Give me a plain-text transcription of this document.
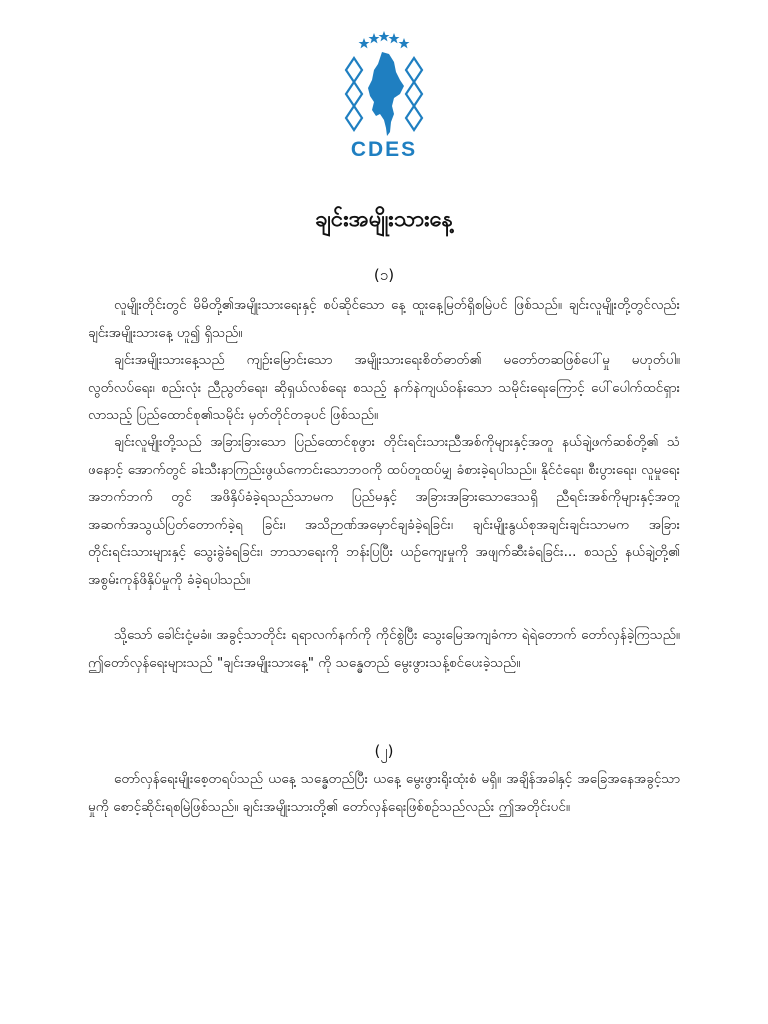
CDES
ချင်းအမျိုးသားနေ့
(၁)

လူမျိုးတိုင်းတွင် မိမိတို့၏အမျိုးသားရေးနှင့် စပ်ဆိုင်သော နေ့ ထူးနေ့မြတ်ရှိစမြဲပင် ဖြစ်သည်။ ချင်းလူမျိုးတို့တွင်လည်း ချင်းအမျိုးသားနေ့ ဟူ၍ ရှိသည်။

ချင်းအမျိုးသားနေ့သည် ကျဉ်းမြောင်းသော အမျိုးသားရေးစိတ်ဓာတ်၏ မတော်တဆဖြစ်ပေါ်မှု မဟုတ်ပါ။ လွတ်လပ်ရေး၊ စည်းလုံး ညီညွတ်ရေး၊ ဆိုရှယ်လစ်ရေး စသည့် နက်နဲကျယ်ဝန်းသော သမိုင်းရေးကြောင့် ပေါ်ပေါက်ထင်ရှားလာသည့် ပြည်ထောင်စု၏သမိုင်း မှတ်တိုင်တခုပင် ဖြစ်သည်။

ချင်းလူမျိုးတို့သည် အခြားခြားသော ပြည်ထောင်စုဖွား တိုင်းရင်းသားညီအစ်ကိုများနှင့်အတူ နယ်ချဲ့ဖက်ဆစ်တို့၏ သံဖနောင့် အောက်တွင် ခါးသီးနာကြည်းဖွယ်ကောင်းသောဘဝကို ထပ်တူထပ်မျှ ခံစားခဲ့ရပါသည်။ နိုင်ငံရေး၊ စီးပွားရေး၊ လူမှုရေး အဘက်ဘက် တွင် အဖိနှိပ်ခံခဲ့ရသည်သာမက ပြည်မနှင့် အခြားအခြားသောဒေသရှိ ညီရင်းအစ်ကိုများနှင့်အတူ အဆက်အသွယ်ပြတ်တောက်ခဲ့ရ ခြင်း၊ အသိဉာဏ်အမှောင်ချခံခဲ့ရခြင်း၊ ချင်းမျိုးနွယ်စုအချင်းချင်းသာမက အခြားတိုင်းရင်းသားများနှင့် သွေးခွဲခံရခြင်း၊ ဘာသာရေးကို ဘန်းပြပြီး ယဉ်ကျေးမှုကို အဖျက်ဆီးခံရခြင်း... စသည့် နယ်ချဲ့တို့၏ အစွမ်းကုန်ဖိနှိပ်မှုကို ခံခဲ့ရပါသည်။

သို့သော် ခေါင်းငုံ့မခံ။ အခွင့်သာတိုင်း ရရာလက်နက်ကို ကိုင်စွဲပြီး သွေးမြေအကျခံကာ ရဲရဲတောက် တော်လှန်ခဲ့ကြသည်။ ဤတော်လှန်ရေးများသည် "ချင်းအမျိုးသားနေ့" ကို သန္ဓေတည် မွေးဖွားသန့်စင်ပေးခဲ့သည်။

(၂)

တော်လှန်ရေးမျိုးစေ့တရပ်သည် ယနေ့ သန္ဓေတည်ပြီး ယနေ့ မွေးဖွားရိုးထုံးစံ မရှိ။ အချိန်အခါနှင့် အခြေအနေအခွင့်သာမှုကို စောင့်ဆိုင်းရစမြဲဖြစ်သည်။ ချင်းအမျိုးသားတို့၏ တော်လှန်ရေးဖြစ်စဉ်သည်လည်း ဤအတိုင်းပင်။
